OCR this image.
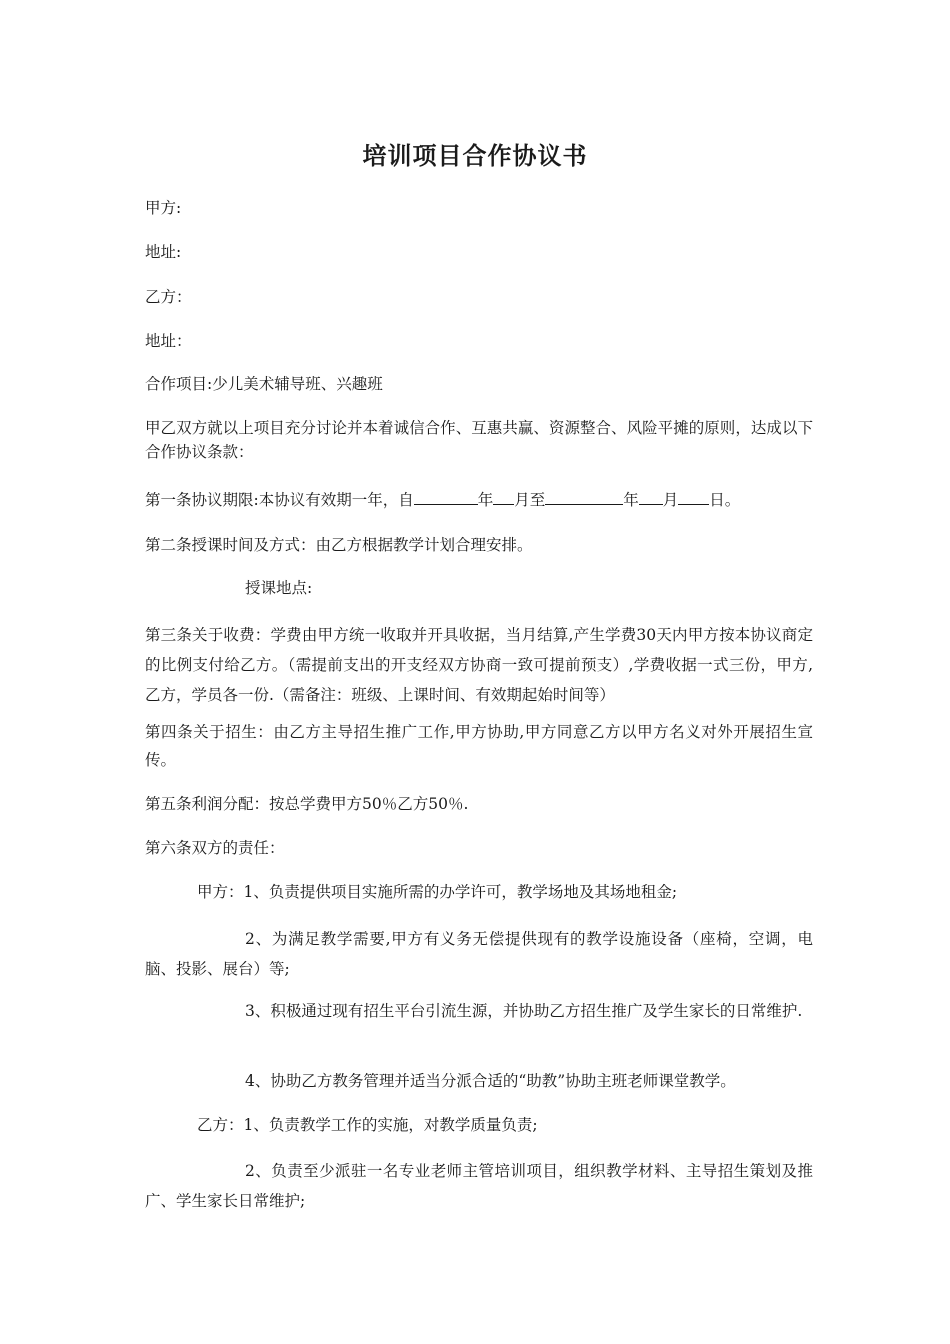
培训项目合作协议书
甲方:
地址:
乙方：
地址：
合作项目:少儿美术辅导班、兴趣班
甲乙双方就以上项目充分讨论并本着诚信合作、互惠共赢、资源整合、风险平摊的原则，达成以下合作协议条款：
第一条协议期限:本协议有效期一年，自	年 月至	年 月 日。
第二条授课时间及方式：由乙方根据教学计划合理安排。
授课地点:
第三条关于收费：学费由甲方统一收取并开具收据，当月结算,产生学费30天内甲方按本协议商定的比例支付给乙方。（需提前支出的开支经双方协商一致可提前预支）,学费收据一式三份，甲方,乙方，学员各一份.（需备注：班级、上课时间、有效期起始时间等）
第四条关于招生：由乙方主导招生推广工作,甲方协助,甲方同意乙方以甲方名义对外开展招生宣传。
第五条利润分配：按总学费甲方50％乙方50％.
第六条双方的责任：
甲方：1、负责提供项目实施所需的办学许可，教学场地及其场地租金;
2、为满足教学需要,甲方有义务无偿提供现有的教学设施设备（座椅，空调，电脑、投影、展台）等;
3、积极通过现有招生平台引流生源，并协助乙方招生推广及学生家长的日常维护.
4、协助乙方教务管理并适当分派合适的“助教”协助主班老师课堂教学。
乙方：1、负责教学工作的实施，对教学质量负责;
2、负责至少派驻一名专业老师主管培训项目，组织教学材料、主导招生策划及推广、学生家长日常维护;
